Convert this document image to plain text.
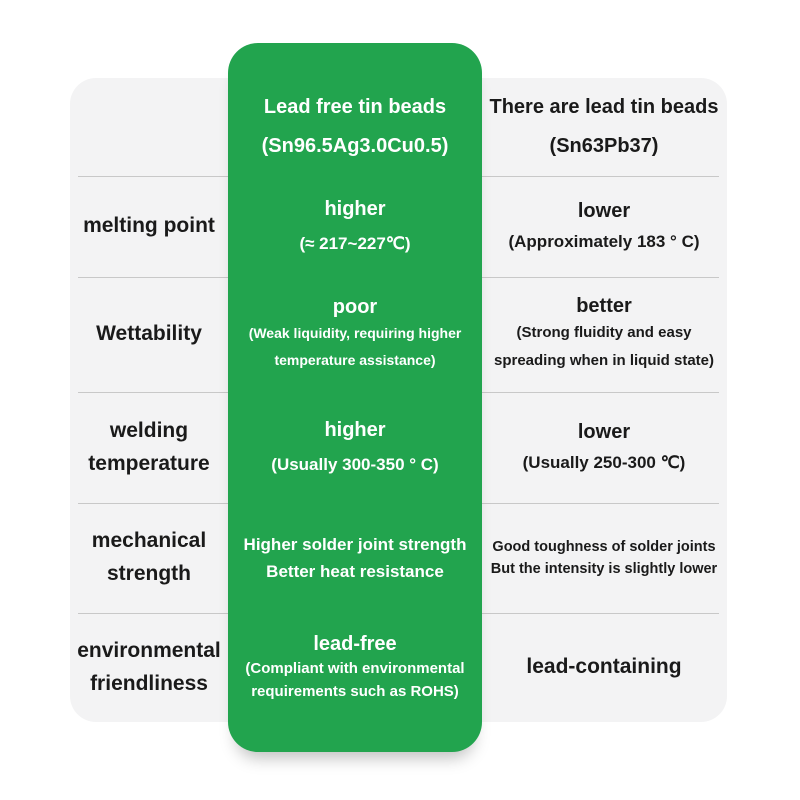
Lead free tin beads
(Sn96.5Ag3.0Cu0.5)
There are lead tin beads
(Sn63Pb37)
melting point
higher
(≈ 217~227℃)
lower
(Approximately 183 ° C)
Wettability
poor
(Weak liquidity, requiring higher temperature assistance)
better
(Strong fluidity and easy spreading when in liquid state)
welding temperature
higher
(Usually 300-350 ° C)
lower
(Usually 250-300 ℃)
mechanical strength
Higher solder joint strength
Better heat resistance
Good toughness of solder joints
But the intensity is slightly lower
environmental friendliness
lead-free
(Compliant with environmental requirements such as ROHS)
lead-containing
